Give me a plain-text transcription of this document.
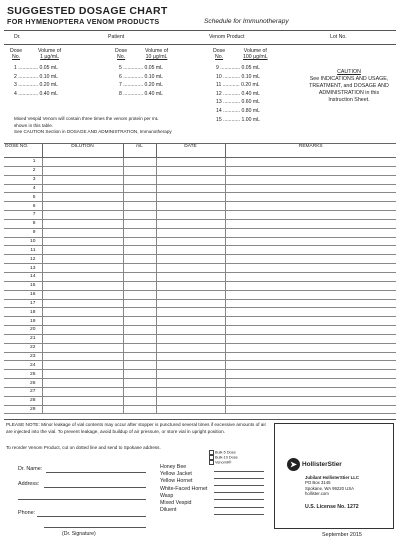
SUGGESTED DOSAGE CHART
FOR HYMENOPTERA VENOM PRODUCTS	Schedule for Immunotherapy
Dr.	Patient	Venom Product	Lot No.
Dose
No.
Volume of
1 µg/mL
Dose
No.
Volume of
10 µg/mL
Dose
No.
Volume of
100 µg/mL
1 .............. 0.05 mL
2 .............. 0.10 mL
3 .............. 0.20 mL
4 .............. 0.40 mL
5 .............. 0.05 mL
6 .............. 0.10 mL
7 .............. 0.20 mL
8 .............. 0.40 mL
9 .............. 0.05 mL
10 ............ 0.10 mL
11 ............ 0.20 mL
12 ............ 0.40 mL
13 ............ 0.60 mL
14 ............ 0.80 mL
15 ............ 1.00 mL
CAUTION
See INDICATIONS AND USAGE,
TREATMENT, and DOSAGE AND
ADMINISTRATION in this
Instruction Sheet.
Mixed Vespid Venom will contain three times the venom protein per mL
shown in this table.
See CAUTION Section in DOSAGE AND ADMINISTRATION, Immunotherapy
DOSE NO.	DILUTION	mL	DATE	REMARKS
1				
2				
3				
4				
5				
6				
7				
8				
9				
10				
11				
12				
13				
14				
15				
16				
17				
18				
19				
20				
21				
22				
23				
24				
25				
26				
27				
28				
29				
PLEASE NOTE: Minor leakage of vial contents may occur after stopper is punctured several times if excessive amounts of air are injected into the vial. To prevent leakage, avoid buildup of air pressure, or store vial in upright position.
To reorder Venom Product, cut on dotted line and send to Spokane address.
Dr. Name:
Address:
Phone:
(Dr. Signature)
Bulk-5 Dose
Bulk-10 Dose
Venomil®
Honey Bee
Yellow Jacket
Yellow Hornet
White-Faced Hornet
Wasp
Mixed Vespid
Diluent
➤ HollisterStier
Jubilant HollisterStier LLC
PO Box 3145
Spokane, WA 99220 USA
hollister.com
U.S. License No. 1272
September 2015
